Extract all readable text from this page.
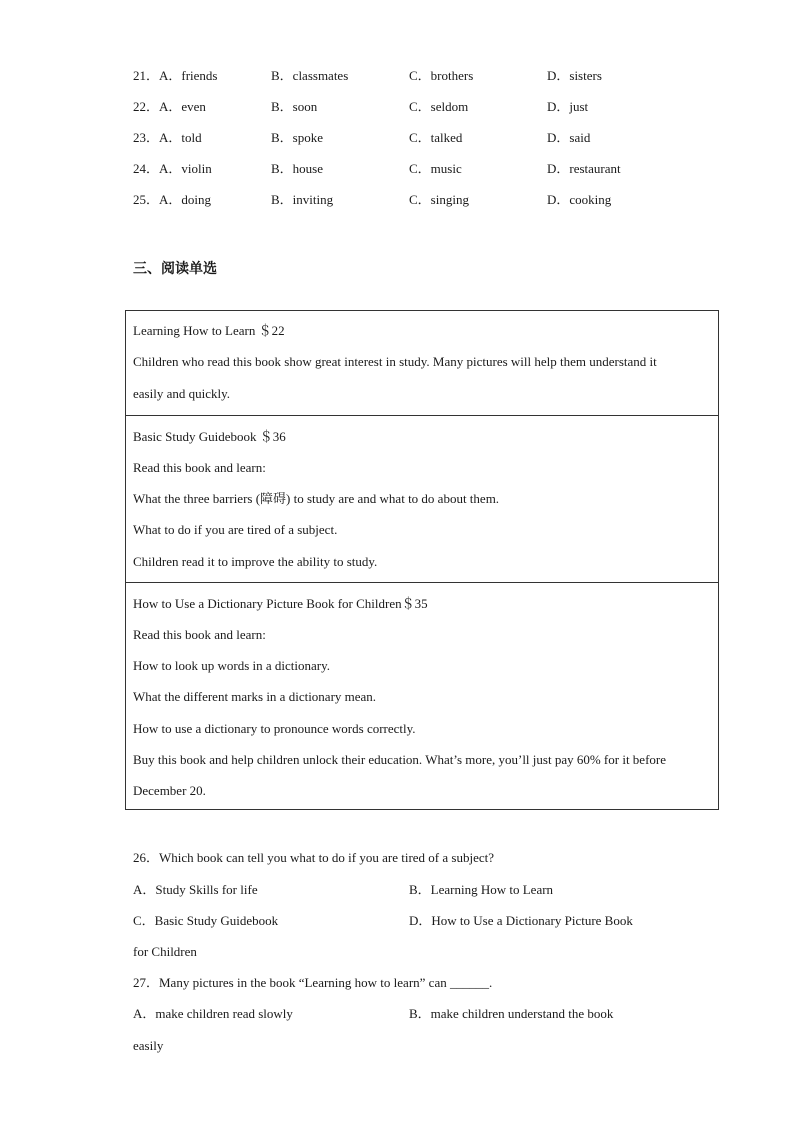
21． A．friends	B．classmates	C．brothers	D．sisters
22． A．even	B．soon	C．seldom	D．just
23． A．told	B．spoke	C．talked	D．said
24． A．violin	B．house	C．music	D．restaurant
25． A．doing	B．inviting	C．singing	D．cooking
三、阅读单选
Learning How to Learn ＄22
Children who read this book show great interest in study. Many pictures will help them understand it
easily and quickly.
Basic Study Guidebook ＄36
Read this book and learn:
What the three barriers (障碍) to study are and what to do about them.
What to do if you are tired of a subject.
Children read it to improve the ability to study.
How to Use a Dictionary Picture Book for Children＄35
Read this book and learn:
How to look up words in a dictionary.
What the different marks in a dictionary mean.
How to use a dictionary to pronounce words correctly.
Buy this book and help children unlock their education. What’s more, you’ll just pay 60% for it before
December 20.
26．Which book can tell you what to do if you are tired of a subject?
A．Study Skills for life	B．Learning How to Learn
C．Basic Study Guidebook	D．How to Use a Dictionary Picture Book
for Children
27．Many pictures in the book “Learning how to learn” can ______.
A．make children read slowly	B．make children understand the book
easily
